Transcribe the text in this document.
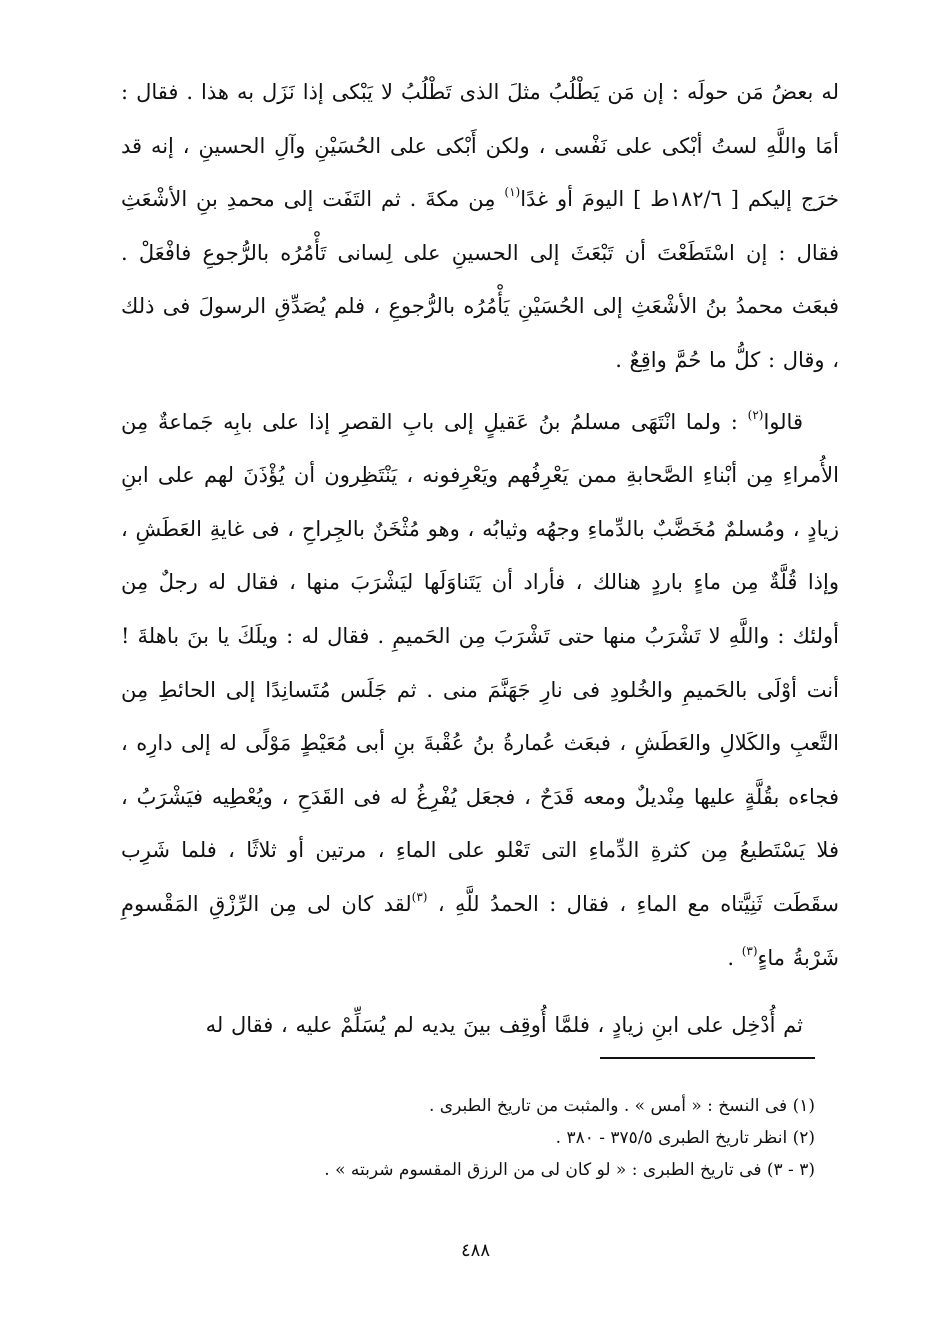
له بعضُ مَن حولَه : إن مَن يَطْلُبُ مثلَ الذى تَطْلُبُ لا يَبْكى إذا نَزَل به هذا . فقال : أمَا واللَّهِ لستُ أبْكى على نَفْسى ، ولكن أَبْكى على الحُسَيْنِ وآلِ الحسينِ ، إنه قد خرَج إليكم [ ١٨٢/٦ط ] اليومَ أو غدًا$^{(١)}$ مِن مكةَ . ثم التَفَت إلى محمدِ بنِ الأشْعَثِ فقال : إن اسْتَطَعْتَ أن تَبْعَثَ إلى الحسينِ على لِسانى تَأْمُرُه بالرُّجوعِ فافْعَلْ . فبعَث محمدُ بنُ الأشْعَثِ إلى الحُسَيْنِ يَأْمُرُه بالرُّجوعِ ، فلم يُصَدِّقِ الرسولَ فى ذلك ، وقال : كلُّ ما حُمَّ واقِعٌ .

قالوا$^{(٢)}$ : ولما انْتَهَى مسلمُ بنُ عَقيلٍ إلى بابِ القصرِ إذا على بابِه جَماعةٌ مِن الأُمراءِ مِن أبْناءِ الصَّحابةِ ممن يَعْرِفُهم ويَعْرِفونه ، يَنْتَظِرون أن يُؤْذَنَ لهم على ابنِ زيادٍ ، ومُسلمٌ مُخَضَّبٌ بالدِّماءِ وجهُه وثيابُه ، وهو مُثْخَنٌ بالجِراحِ ، فى غايةِ العَطَشِ ، وإذا قُلَّةٌ مِن ماءٍ باردٍ هنالك ، فأراد أن يَتَناوَلَها ليَشْرَبَ منها ، فقال له رجلٌ مِن أولئك : واللَّهِ لا تَشْرَبُ منها حتى تَشْرَبَ مِن الحَميمِ . فقال له : ويلَكَ يا بنَ باهلةَ ! أنت أوْلَى بالحَميمِ والخُلودِ فى نارِ جَهَنَّمَ منى . ثم جَلَس مُتَسانِدًا إلى الحائطِ مِن التَّعبِ والكَلالِ والعَطَشِ ، فبعَث عُمارةُ بنُ عُقْبةَ بنِ أبى مُعَيْطٍ مَوْلًى له إلى دارِه ، فجاءه بقُلَّةٍ عليها مِنْديلٌ ومعه قَدَحٌ ، فجعَل يُفْرِغُ له فى القَدَحِ ، ويُعْطِيه فيَشْرَبُ ، فلا يَسْتَطيعُ مِن كثرةِ الدِّماءِ التى تَعْلو على الماءِ ، مرتين أو ثلاثًا ، فلما شَرِب سقَطَت ثَنِيَّتاه مع الماءِ ، فقال : الحمدُ للَّهِ ، $^{(٣)}$لقد كان لى مِن الرِّزْقِ المَقْسومِ شَرْبةُ ماءٍ$^{(٣)}$ .

ثم أُدْخِل على ابنِ زيادٍ ، فلمَّا أُوقِف بينَ يديه لم يُسَلِّمْ عليه ، فقال له

(١) فى النسخ : « أمس » . والمثبت من تاريخ الطبرى .

(٢) انظر تاريخ الطبرى ٣٧٥/٥ - ٣٨٠ .

(٣ - ٣) فى تاريخ الطبرى : « لو كان لى من الرزق المقسوم شربته » .

٤٨٨
